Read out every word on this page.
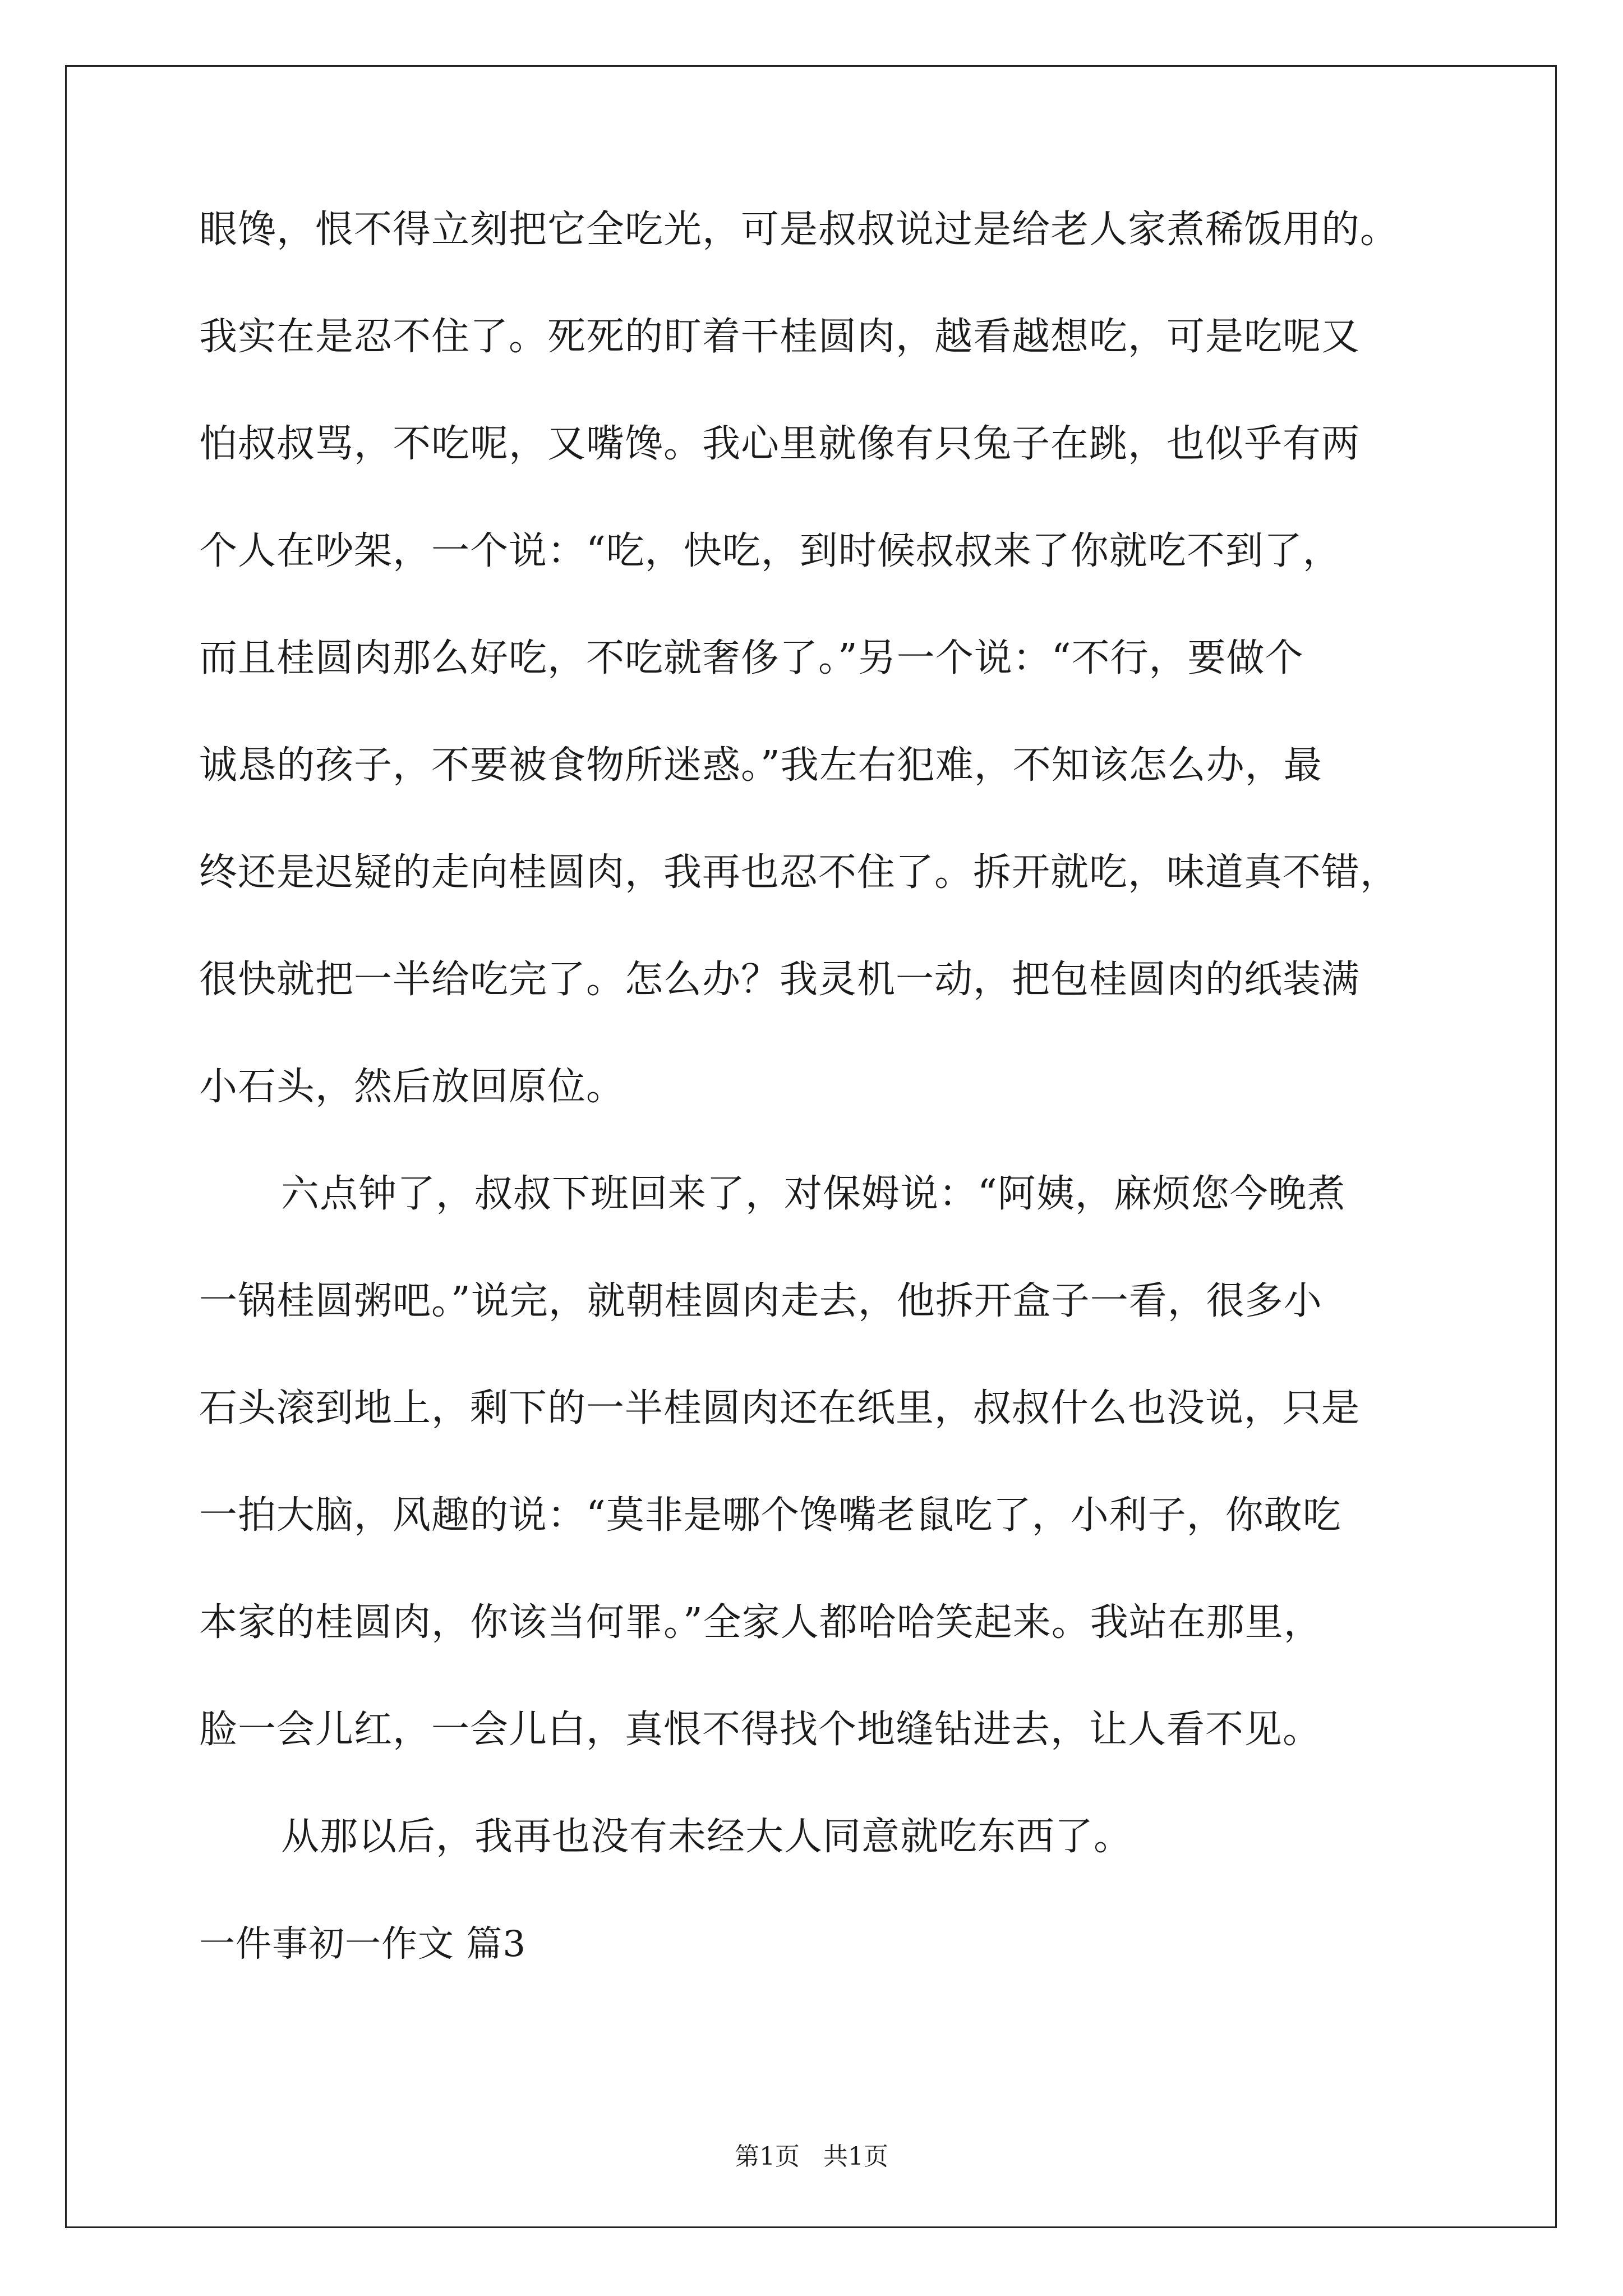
眼馋，恨不得立刻把它全吃光，可是叔叔说过是给老人家煮稀饭用的。
我实在是忍不住了。死死的盯着干桂圆肉，越看越想吃，可是吃呢又
怕叔叔骂，不吃呢，又嘴馋。我心里就像有只兔子在跳，也似乎有两
个人在吵架，一个说：“吃，快吃，到时候叔叔来了你就吃不到了，
而且桂圆肉那么好吃，不吃就奢侈了。”另一个说：“不行，要做个
诚恳的孩子，不要被食物所迷惑。”我左右犯难，不知该怎么办，最
终还是迟疑的走向桂圆肉，我再也忍不住了。拆开就吃，味道真不错，
很快就把一半给吃完了。怎么办？我灵机一动，把包桂圆肉的纸装满
小石头，然后放回原位。
六点钟了，叔叔下班回来了，对保姆说：“阿姨，麻烦您今晚煮
一锅桂圆粥吧。”说完，就朝桂圆肉走去，他拆开盒子一看，很多小
石头滚到地上，剩下的一半桂圆肉还在纸里，叔叔什么也没说，只是
一拍大脑，风趣的说：“莫非是哪个馋嘴老鼠吃了，小利子，你敢吃
本家的桂圆肉，你该当何罪。”全家人都哈哈笑起来。我站在那里，
脸一会儿红，一会儿白，真恨不得找个地缝钻进去，让人看不见。
从那以后，我再也没有未经大人同意就吃东西了。
一件事初一作文 篇3
第1页   共1页
